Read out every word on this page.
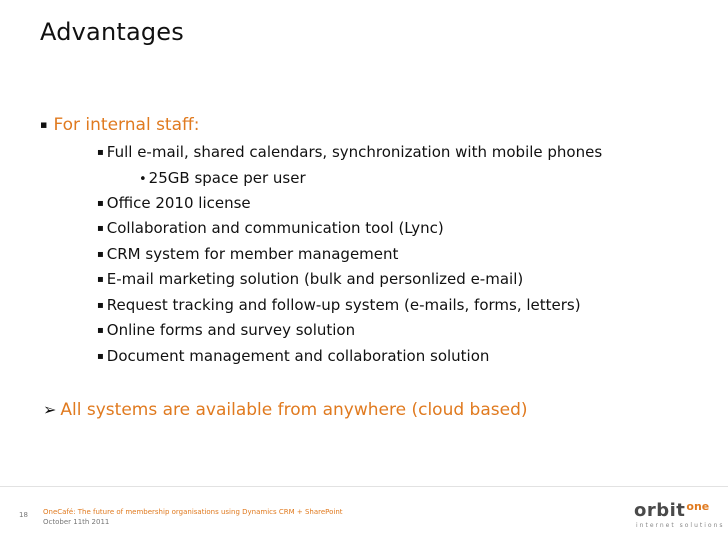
Advantages
▪ For internal staff:
▪ Full e-mail, shared calendars, synchronization with mobile phones
• 25GB space per user
▪ Office 2010 license
▪ Collaboration and communication tool (Lync)
▪ CRM system for member management
▪ E-mail marketing solution (bulk and personlized e-mail)
▪ Request tracking and follow-up system (e-mails, forms, letters)
▪ Online forms and survey solution
▪ Document management and collaboration solution
➢ All systems are available from anywhere (cloud based)
18 OneCafé: The future of membership organisations using Dynamics CRM + SharePoint
October 11th 2011
orbit$^{one}$
internet solutions
